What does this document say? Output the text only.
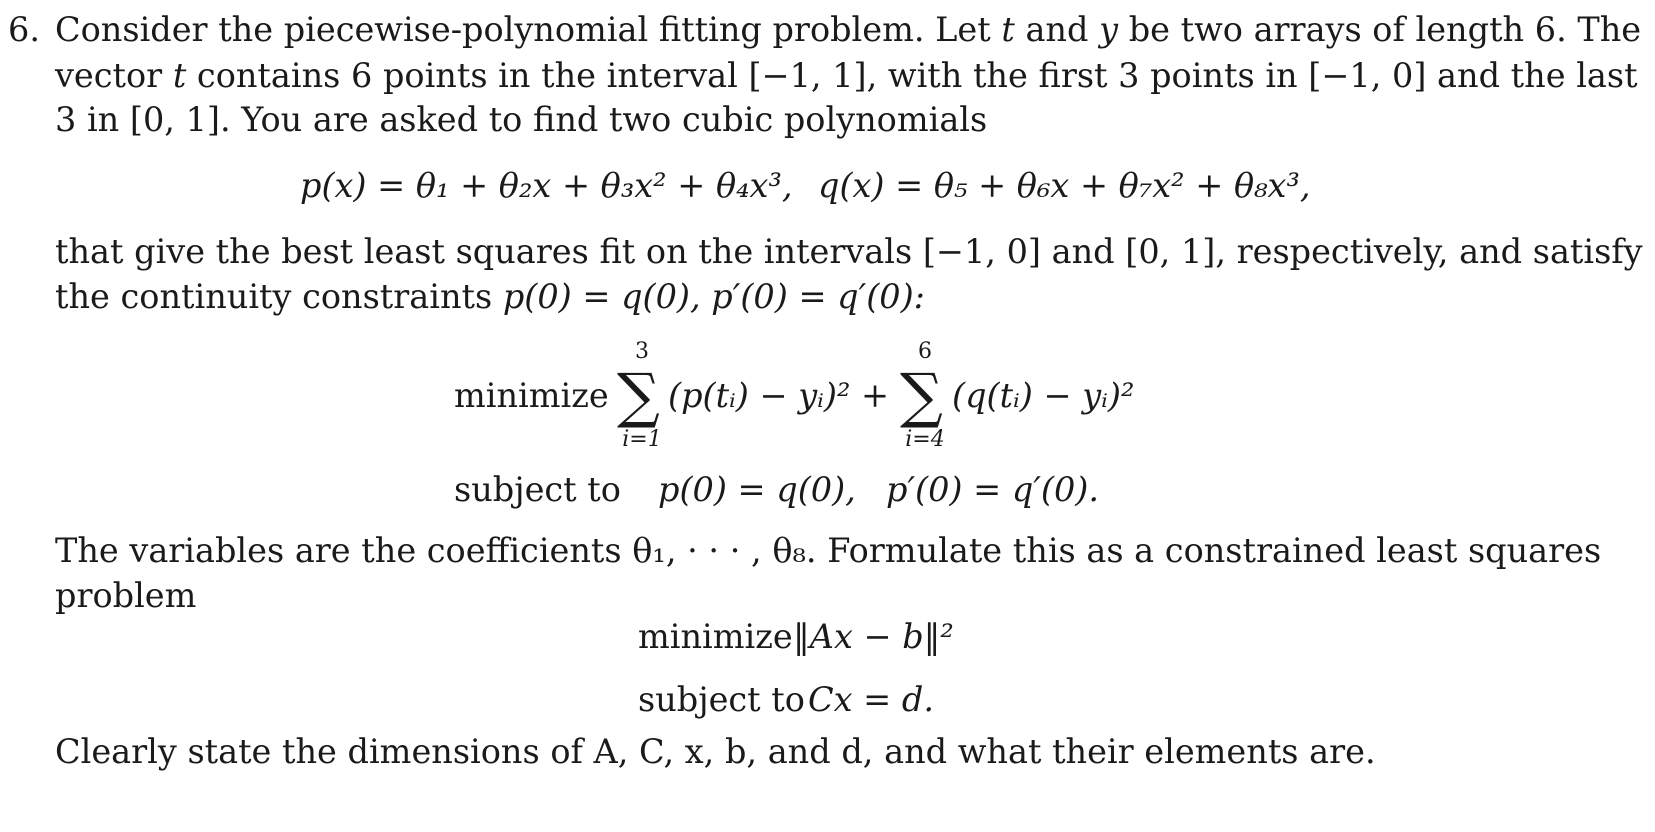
6. Consider the piecewise-polynomial fitting problem. Let t and y be two arrays of length 6. The
vector t contains 6 points in the interval [−1, 1], with the first 3 points in [−1, 0] and the last
3 in [0, 1]. You are asked to find two cubic polynomials
p(x) = θ₁ + θ₂x + θ₃x² + θ₄x³, q(x) = θ₅ + θ₆x + θ₇x² + θ₈x³,
that give the best least squares fit on the intervals [−1, 0] and [0, 1], respectively, and satisfy
the continuity constraints p(0) = q(0), p′(0) = q′(0):
minimize
3
∑
i=1
(p(tᵢ) − yᵢ)² +
6
∑
i=4
(q(tᵢ) − yᵢ)²
subject to p(0) = q(0), p′(0) = q′(0).
The variables are the coefficients θ₁, · · · , θ₈. Formulate this as a constrained least squares
problem
minimize ‖Ax − b‖²
subject to Cx = d.
Clearly state the dimensions of A, C, x, b, and d, and what their elements are.
